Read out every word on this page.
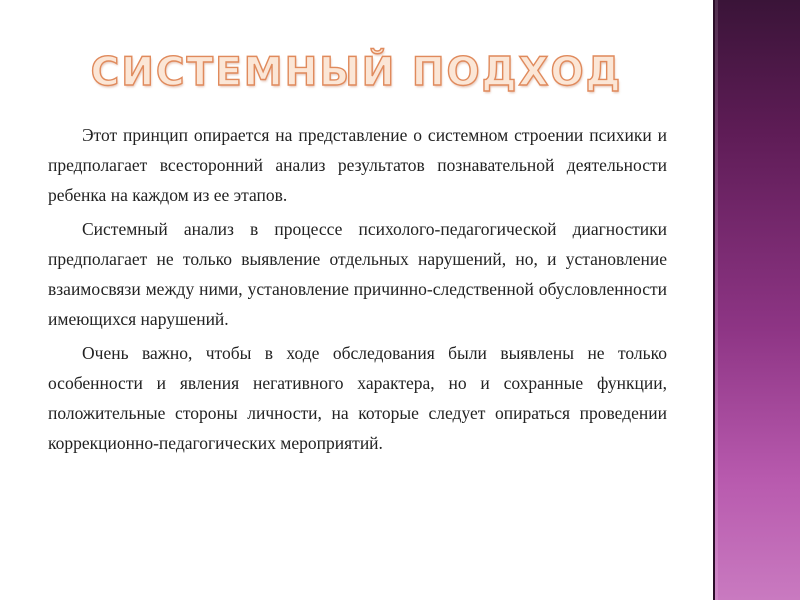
СИСТЕМНЫЙ ПОДХОД

Этот принцип опирается на представление о системном строении психики и предполагает всесторонний анализ результатов познавательной деятельности ребенка на каждом из ее этапов.

Системный анализ в процессе психолого-педагогической диагностики предполагает не только выявление отдельных нарушений, но, и установление взаимосвязи между ними, установление причинно-следственной обусловленности имеющихся нарушений.

Очень важно, чтобы в ходе обследования были выявлены не только особенности и явления негативного характера, но и сохранные функции, положительные стороны личности, на которые следует опираться проведении коррекционно-педагогических мероприятий.
